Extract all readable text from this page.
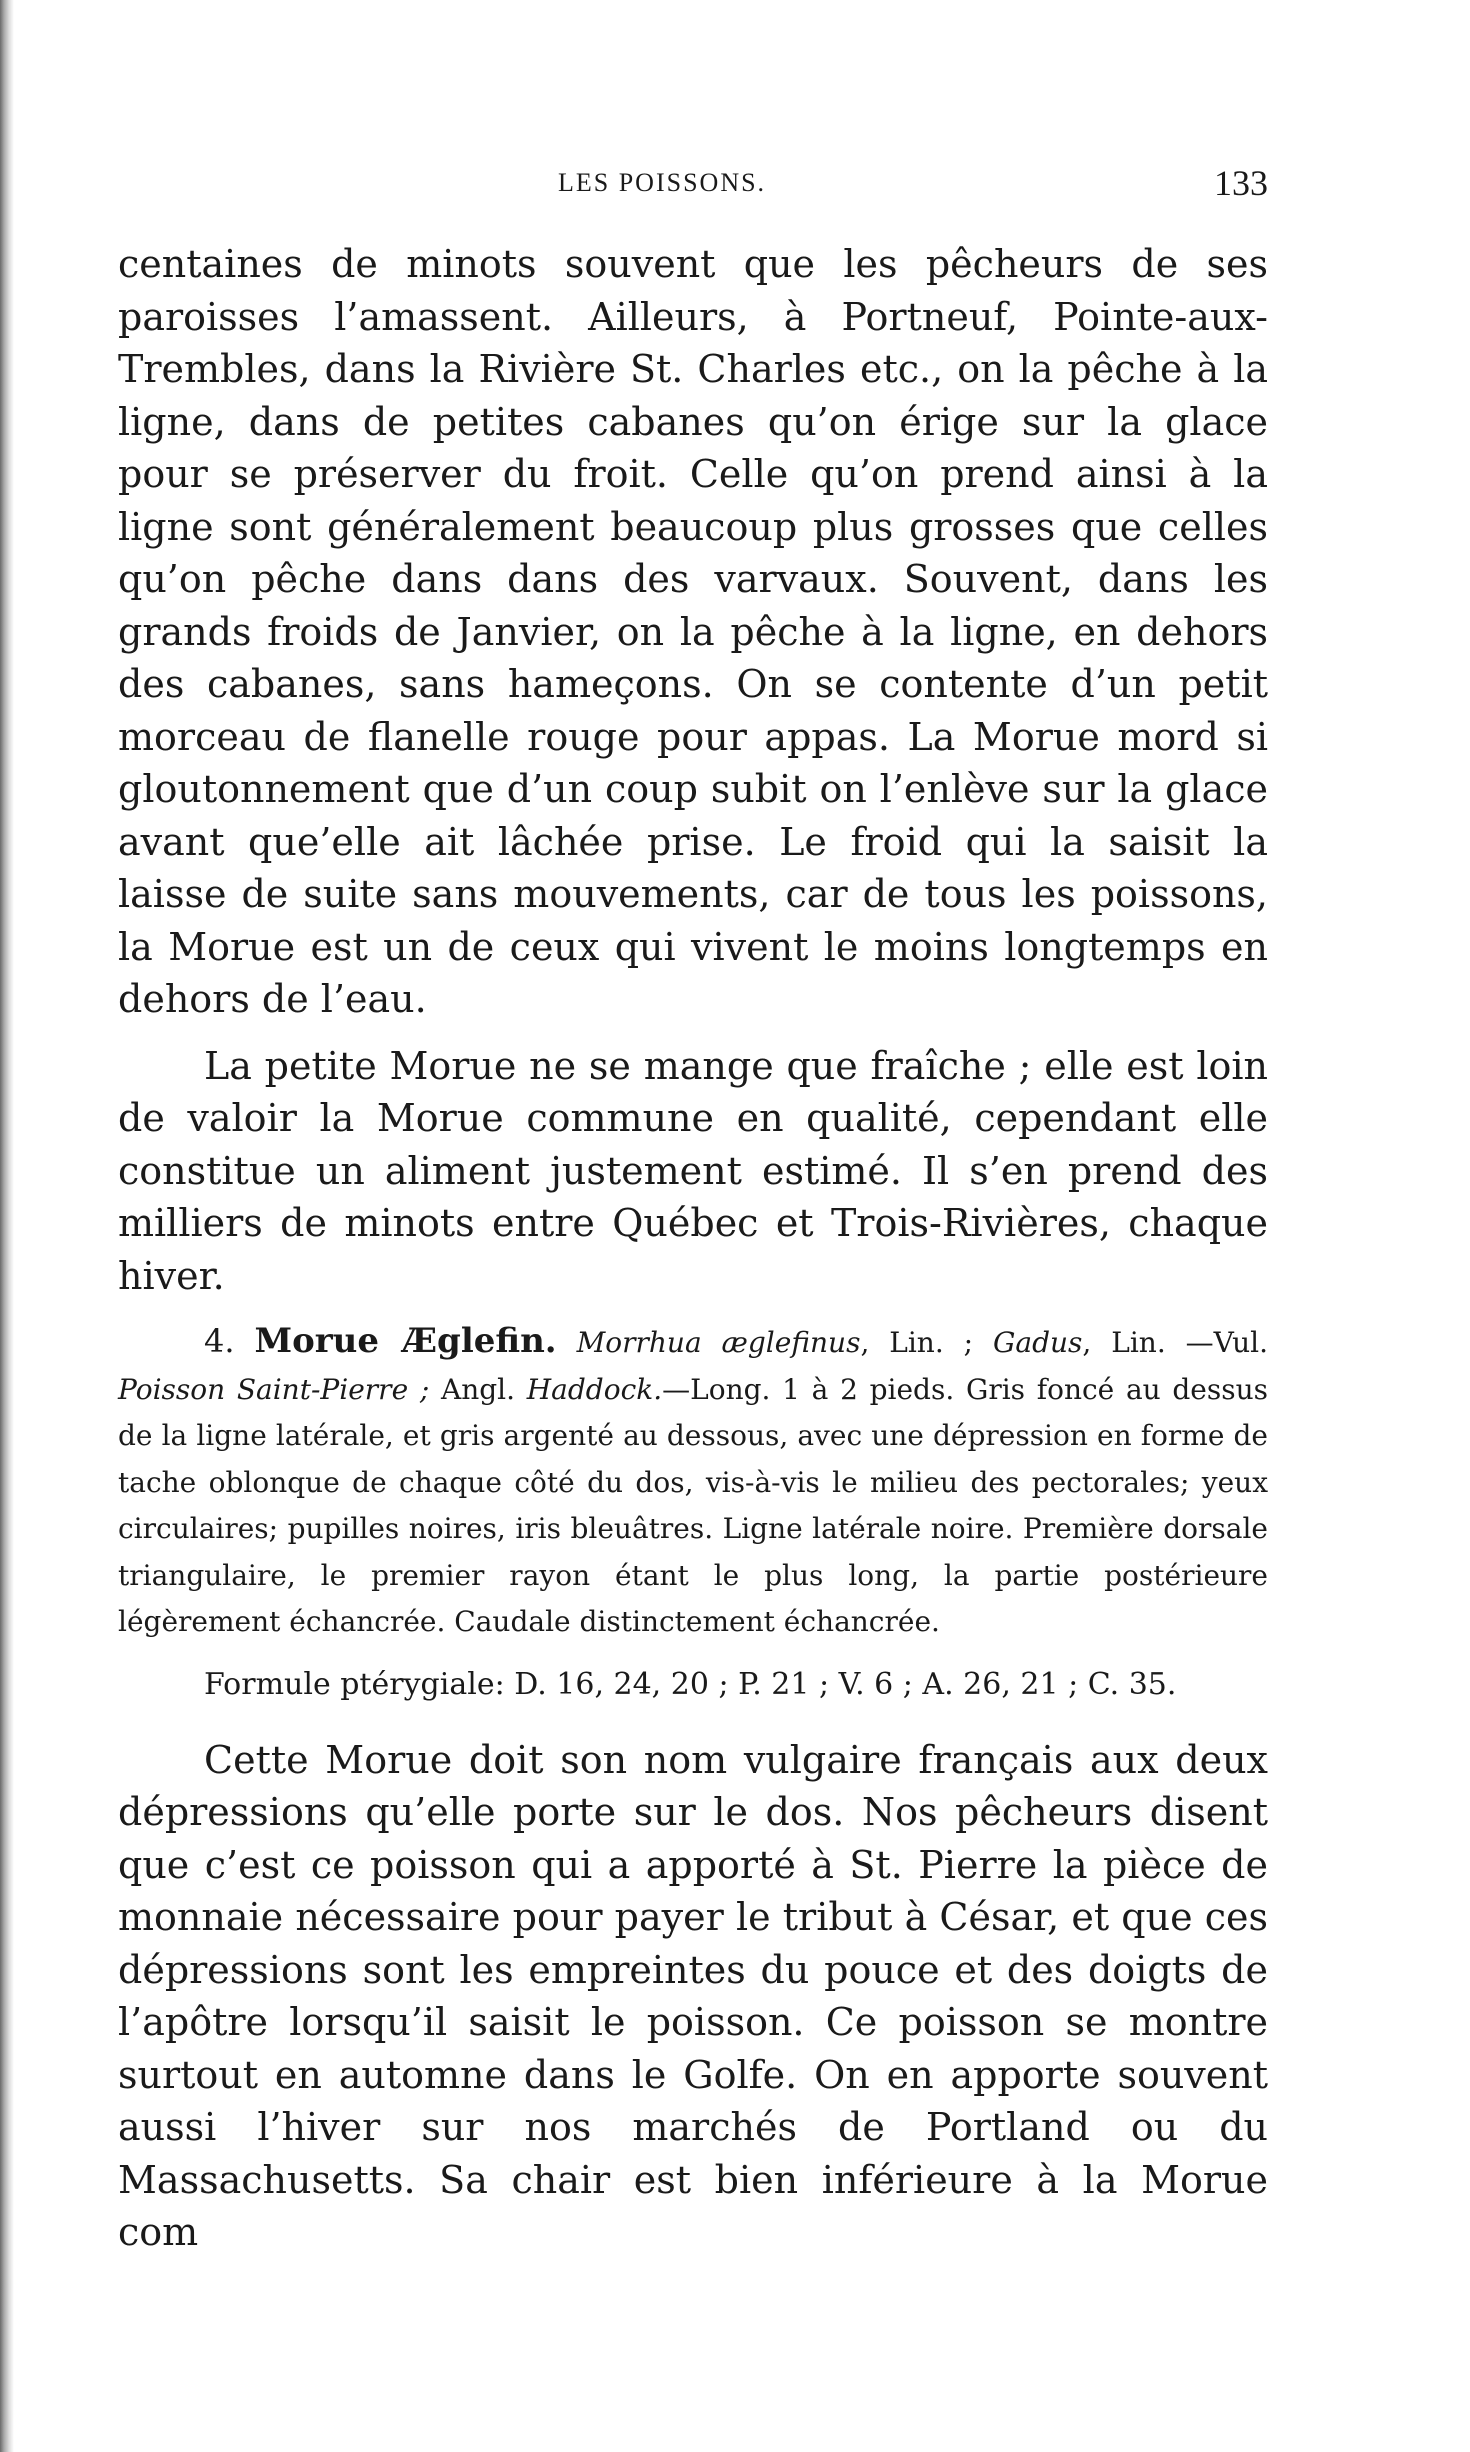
LES POISSONS.	133

centaines de minots souvent que les pêcheurs de ses paroisses l’amassent. Ailleurs, à Portneuf, Pointe-aux-Trembles, dans la Rivière St. Charles etc., on la pêche à la ligne, dans de petites cabanes qu’on érige sur la glace pour se préserver du froit. Celle qu’on prend ainsi à la ligne sont généralement beaucoup plus grosses que celles qu’on pêche dans dans des varvaux. Souvent, dans les grands froids de Janvier, on la pêche à la ligne, en dehors des cabanes, sans hameçons. On se contente d’un petit morceau de flanelle rouge pour appas. La Morue mord si gloutonnement que d’un coup subit on l’enlève sur la glace avant que’elle ait lâchée prise. Le froid qui la saisit la laisse de suite sans mouvements, car de tous les poissons, la Morue est un de ceux qui vivent le moins longtemps en dehors de l’eau.

La petite Morue ne se mange que fraîche ; elle est loin de valoir la Morue commune en qualité, cependant elle constitue un aliment justement estimé. Il s’en prend des milliers de minots entre Québec et Trois-Rivières, chaque hiver.

4. Morue Æglefin. Morrhua æglefinus, Lin. ; Gadus, Lin. —Vul. Poisson Saint-Pierre ; Angl. Haddock.—Long. 1 à 2 pieds. Gris foncé au dessus de la ligne latérale, et gris argenté au dessous, avec une dépression en forme de tache oblonque de chaque côté du dos, vis-à-vis le milieu des pectorales; yeux circulaires; pupilles noires, iris bleuâtres. Ligne latérale noire. Première dorsale triangulaire, le premier rayon étant le plus long, la partie postérieure légèrement échancrée. Caudale distinctement échancrée.

Formule ptérygiale: D. 16, 24, 20 ; P. 21 ; V. 6 ; A. 26, 21 ; C. 35.

Cette Morue doit son nom vulgaire français aux deux dépressions qu’elle porte sur le dos. Nos pêcheurs disent que c’est ce poisson qui a apporté à St. Pierre la pièce de monnaie nécessaire pour payer le tribut à César, et que ces dépressions sont les empreintes du pouce et des doigts de l’apôtre lorsqu’il saisit le poisson. Ce poisson se montre surtout en automne dans le Golfe. On en apporte souvent aussi l’hiver sur nos marchés de Portland ou du Massachusetts. Sa chair est bien inférieure à la Morue com
